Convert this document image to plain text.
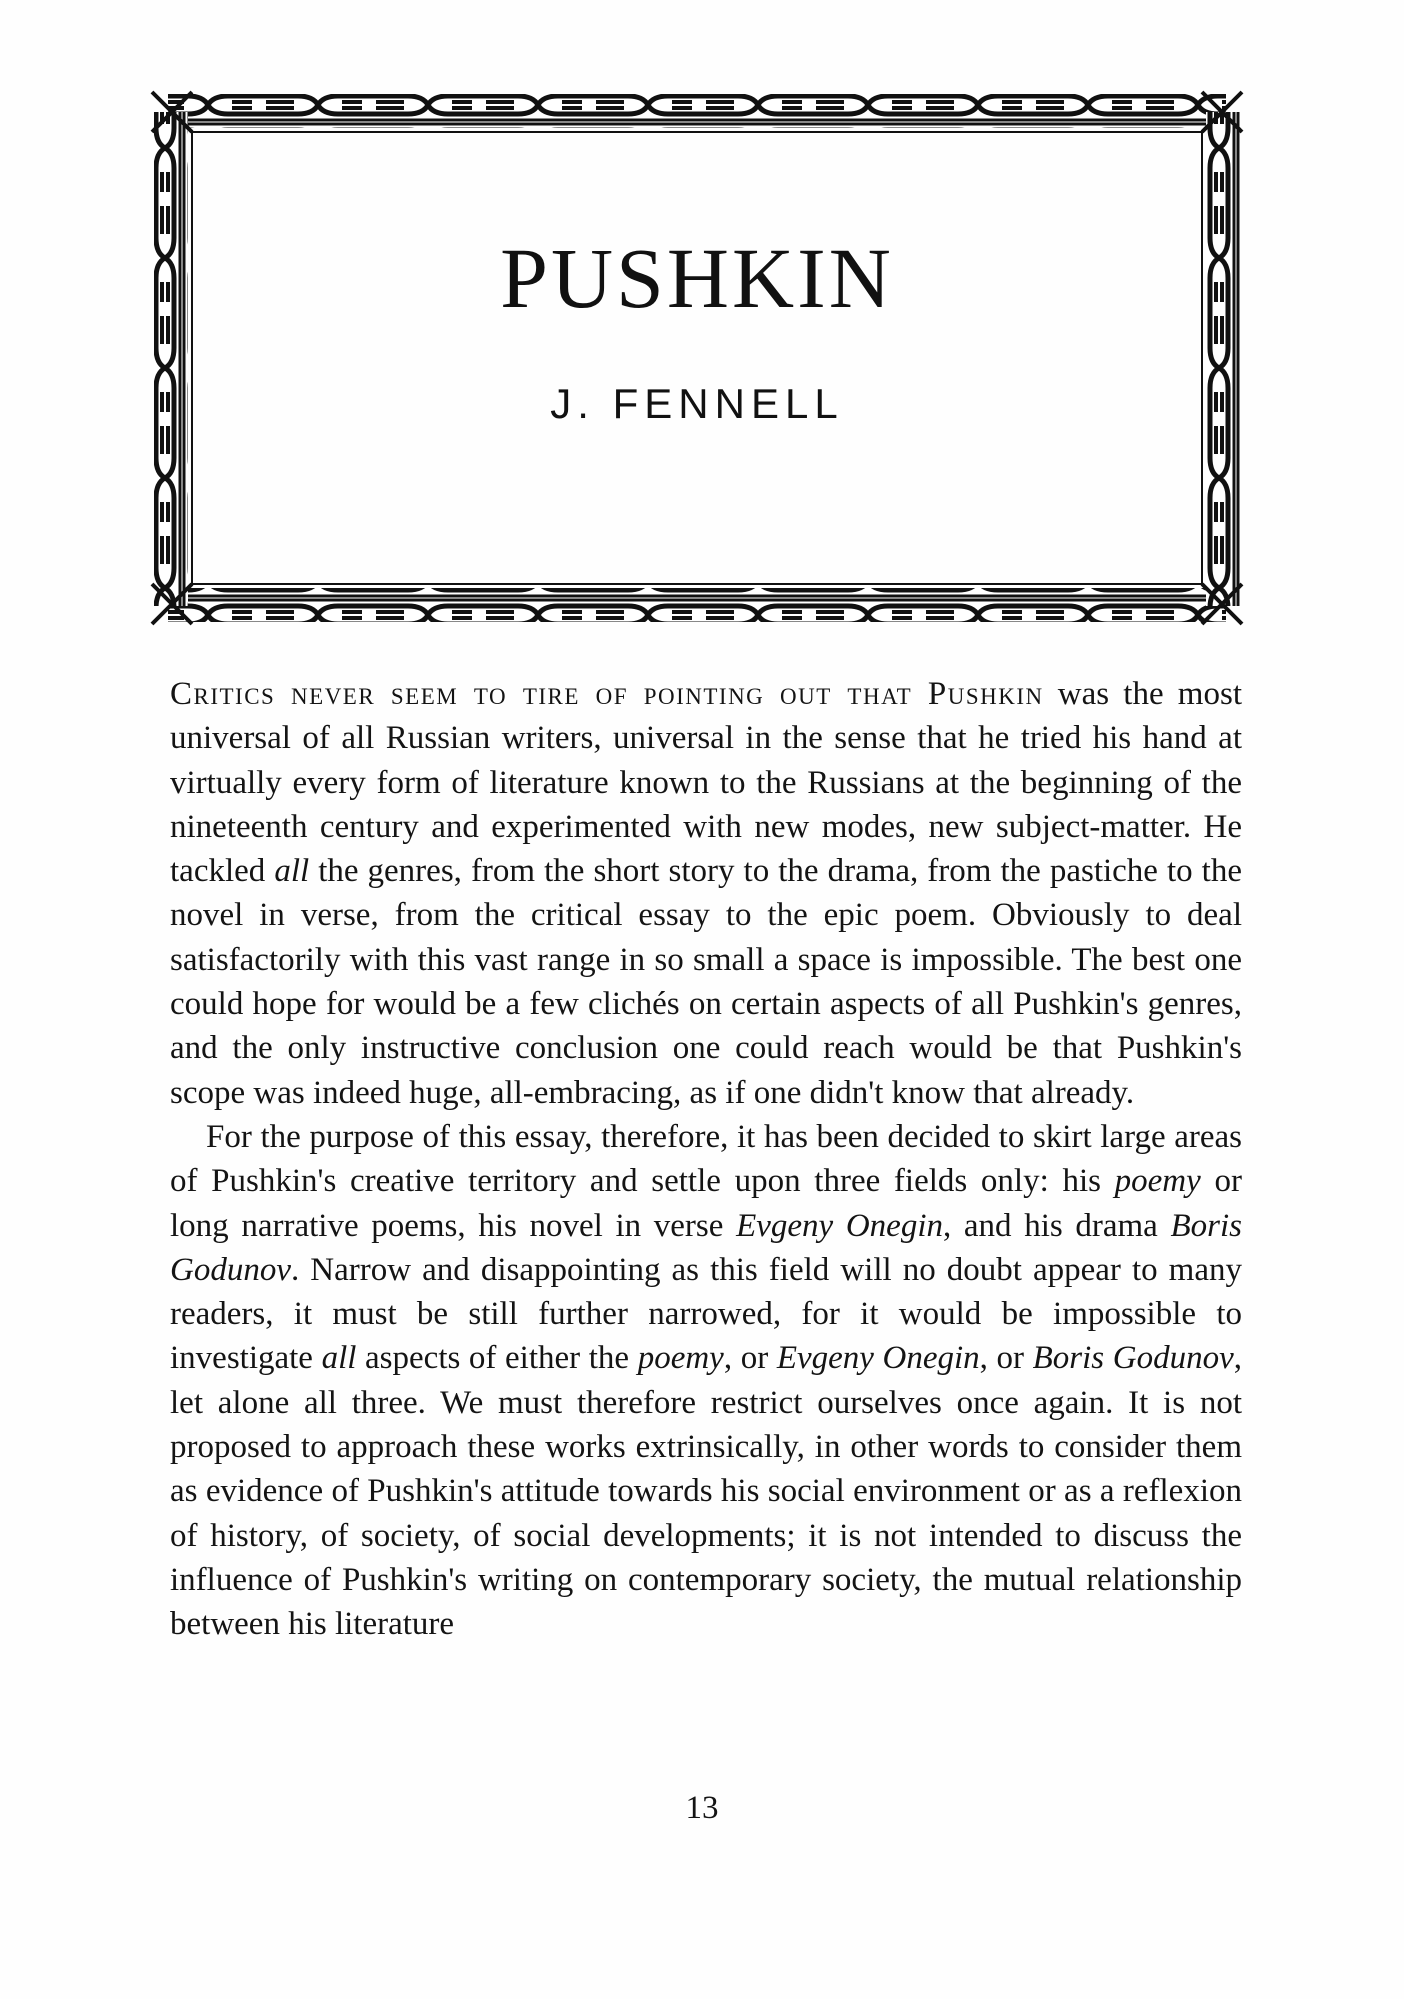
PUSHKIN
J. FENNELL

Critics never seem to tire of pointing out that Pushkin was the most universal of all Russian writers, universal in the sense that he tried his hand at virtually every form of literature known to the Russians at the beginning of the nineteenth century and experimented with new modes, new subject-matter. He tackled all the genres, from the short story to the drama, from the pastiche to the novel in verse, from the critical essay to the epic poem. Obviously to deal satisfactorily with this vast range in so small a space is impossible. The best one could hope for would be a few clichés on certain aspects of all Pushkin's genres, and the only instructive conclusion one could reach would be that Pushkin's scope was indeed huge, all-embracing, as if one didn't know that already.

For the purpose of this essay, therefore, it has been decided to skirt large areas of Pushkin's creative territory and settle upon three fields only: his poemy or long narrative poems, his novel in verse Evgeny Onegin, and his drama Boris Godunov. Narrow and disappointing as this field will no doubt appear to many readers, it must be still further narrowed, for it would be impossible to investigate all aspects of either the poemy, or Evgeny Onegin, or Boris Godunov, let alone all three. We must therefore restrict ourselves once again. It is not proposed to approach these works extrinsically, in other words to consider them as evidence of Pushkin's attitude towards his social environment or as a reflexion of history, of society, of social developments; it is not intended to discuss the influence of Pushkin's writing on contemporary society, the mutual relationship between his literature

13
